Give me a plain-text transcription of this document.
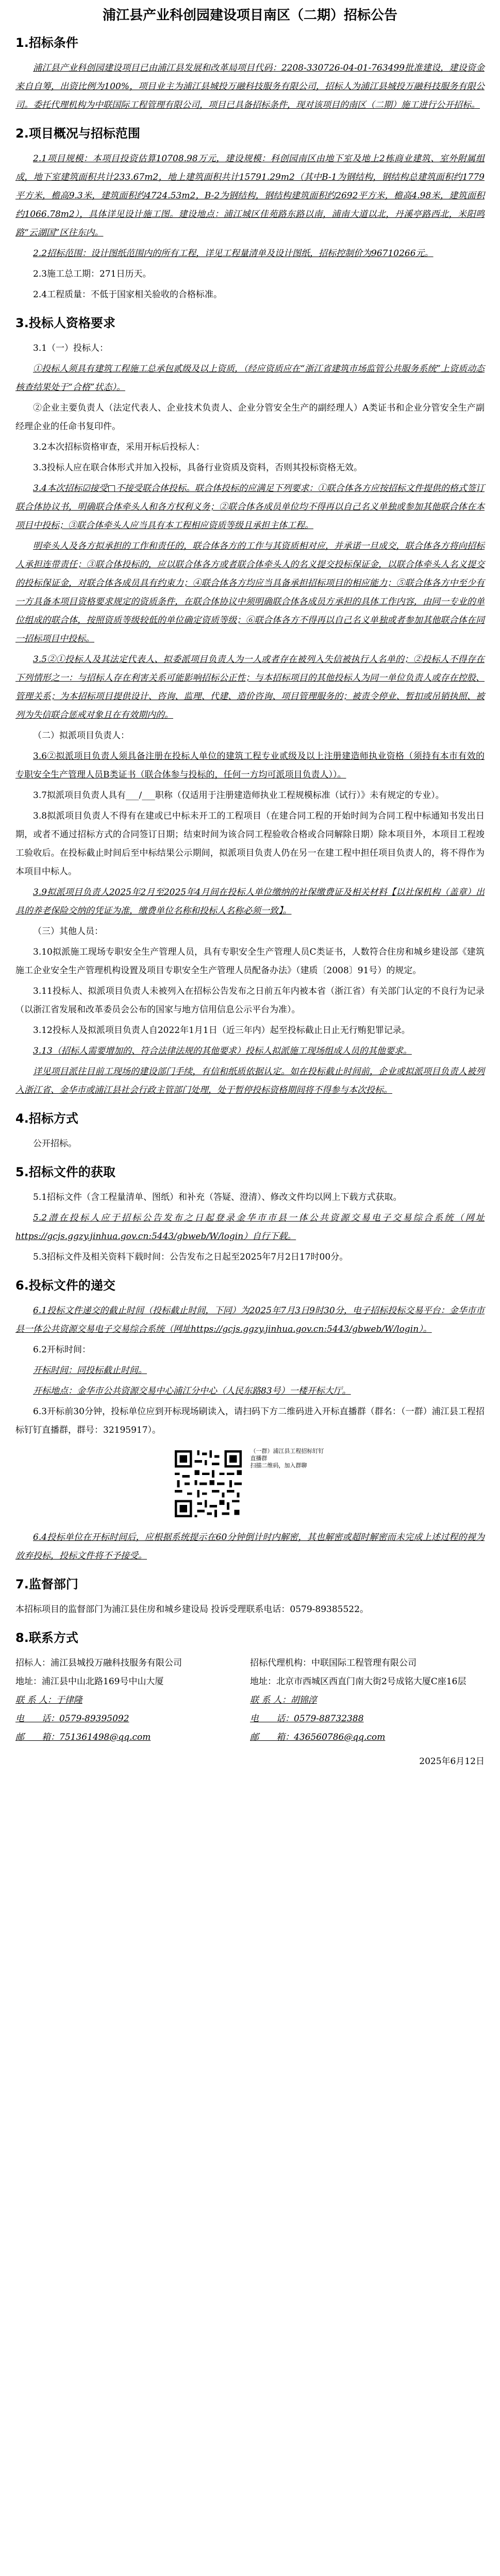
浦江县产业科创园建设项目南区（二期）招标公告
1.招标条件

浦江县产业科创园建设项目已由浦江县发展和改革局项目代码：2208-330726-04-01-763499批准建设，建设资金来自自筹，出资比例为100%，项目业主为浦江县城投万融科技服务有限公司，招标人为浦江县城投万融科技服务有限公司。委托代理机构为中联国际工程管理有限公司，项目已具备招标条件，现对该项目的南区（二期）施工进行公开招标。

2.项目概况与招标范围

2.1项目规模：本项目投资估算10708.98万元，建设规模：科创园南区由地下室及地上2栋商业建筑、室外附属组成，地下室建筑面积共计233.67m2，地上建筑面积共计15791.29m2（其中B-1为钢结构，钢结构总建筑面积约1779平方米，檐高9.3米，建筑面积约4724.53m2，B-2为钢结构，钢结构建筑面积约2692平方米，檐高4.98米，建筑面积约1066.78m2），具体详见设计施工图。建设地点：浦江城区佳苑路东路以南，浦南大道以北，丹溪亭路西北，米阳鸣路“云湖国”区往东内。

2.2招标范围：设计图纸范围内的所有工程，详见工程量清单及设计图纸，招标控制价为96710266元。

2.3施工总工期：271日历天。

2.4工程质量：不低于国家相关验收的合格标准。

3.投标人资格要求

3.1（一）投标人：

①投标人须具有建筑工程施工总承包贰级及以上资质，（经应资质应在“浙江省建筑市场监管公共服务系统”上资质动态核查结果处于“合格”状态）。

②企业主要负责人（法定代表人、企业技术负责人、企业分管安全生产的副经理人）A类证书和企业分管安全生产副经理企业的任命书复印件。

3.2本次招标资格审查，采用开标后投标人：

3.3投标人应在联合体形式并加入投标，具备行业资质及资料，否则其投标资格无效。

3.4本次招标☑接受□不接受联合体投标。联合体投标的应满足下列要求：①联合体各方应按招标文件提供的格式签订联合体协议书，明确联合体牵头人和各方权利义务；②联合体各成员单位均不得再以自己名义单独或参加其他联合体在本项目中投标；③联合体牵头人应当具有本工程相应资质等级且承担主体工程。

明牵头人及各方拟承担的工作和责任的，联合体各方的工作与其资质相对应，并承诺一旦成交，联合体各方将向招标人承担连带责任；③联合体投标的，应以联合体各方或者联合体牵头人的名义提交投标保证金，以联合体牵头人名义提交的投标保证金，对联合体各成员具有约束力；④联合体各方均应当具备承担招标项目的相应能力；⑤联合体各方中至少有一方具备本项目资格要求规定的资质条件，在联合体协议中须明确联合体各成员方承担的具体工作内容，由同一专业的单位组成的联合体，按照资质等级较低的单位确定资质等级；⑥联合体各方不得再以自己名义单独或者参加其他联合体在同一招标项目中投标。

3.5②①投标人及其法定代表人、拟委派项目负责人为一人或者存在被列入失信被执行人名单的；②投标人不得存在下列情形之一：与招标人存在利害关系可能影响招标公正性；与本招标项目的其他投标人为同一单位负责人或存在控股、管理关系；为本招标项目提供设计、咨询、监理、代建、造价咨询、项目管理服务的；被责令停业、暂扣或吊销执照、被列为失信联合惩戒对象且在有效期内的。

（二）拟派项目负责人：

3.6②拟派项目负责人须具备注册在投标人单位的建筑工程专业贰级及以上注册建造师执业资格（须持有本市有效的专职安全生产管理人员B类证书（联合体参与投标的，任何一方均可派项目负责人））。

3.7拟派项目负责人具有___/___职称（仅适用于注册建造师执业工程规模标准（试行）》未有规定的专业）。

3.8拟派项目负责人不得有在建或已中标未开工的工程项目（在建合同工程的开始时间为合同工程中标通知书发出日期，或者不通过招标方式的合同签订日期；结束时间为该合同工程验收合格或合同解除日期）除本项目外，本项目工程竣工验收后。在投标截止时间后至中标结果公示期间，拟派项目负责人仍在另一在建工程中担任项目负责人的，将不得作为本项目中标人。

3.9拟派项目负责人2025年2月至2025年4月间在投标人单位缴纳的社保缴费证及相关材料【以社保机构（盖章）出具的养老保险交纳的凭证为准，缴费单位名称和投标人名称必须一致】。

（三）其他人员：

3.10拟派施工现场专职安全生产管理人员，具有专职安全生产管理人员C类证书，人数符合住房和城乡建设部《建筑施工企业安全生产管理机构设置及项目专职安全生产管理人员配备办法》（建质〔2008〕91号）的规定。

3.11投标人、拟派项目负责人未被列入在招标公告发布之日前五年内被本省（浙江省）有关部门认定的不良行为记录（以浙江省发展和改革委员会公布的国家与地方信用信息公示平台为准）。

3.12投标人及拟派项目负责人自2022年1月1日（近三年内）起至投标截止日止无行贿犯罪记录。

3.13（招标人需要增加的、符合法律法规的其他要求）投标人拟派施工现场组成人员的其他要求。

详见项目派往目前工现场的建设部门手续，有信和纸质依据认定。如在投标截止时间前，企业或拟派项目负责人被列入浙江省、金华市或浦江县社会行政主管部门处理，处于暂停投标资格期间将不得参与本次投标。

4.招标方式

公开招标。

5.招标文件的获取

5.1招标文件（含工程量清单、图纸）和补充（答疑、澄清）、修改文件均以网上下载方式获取。

5.2潜在投标人应于招标公告发布之日起登录金华市市县一体公共资源交易电子交易综合系统（网址https://gcjs.ggzy.jinhua.gov.cn:5443/gbweb/W/login）自行下载。

5.3招标文件及相关资料下载时间：公告发布之日起至2025年7月2日17时00分。

6.投标文件的递交

6.1投标文件递交的截止时间（投标截止时间，下同）为2025年7月3日9时30分，电子招标投标交易平台：金华市市县一体公共资源交易电子交易综合系统（网址https://gcjs.ggzy.jinhua.gov.cn:5443/gbweb/W/login）。

6.2开标时间：

开标时间：同投标截止时间。

开标地点：金华市公共资源交易中心浦江分中心（人民东路83号）一楼开标大厅。

6.3开标前30分钟，投标单位应到开标现场刷读入，请扫码下方二维码进入开标直播群（群名：（一群）浦江县工程招标钉钉直播群，群号：32195917）。

（一群）浦江县工程招标钉钉直播群
扫描二维码，加入群聊

6.4投标单位在开标时间后，应根据系统提示在60分钟倒计时内解密，其也解密或超时解密而未完成上述过程的视为放弃投标，投标文件将不予接受。

7.监督部门

本招标项目的监督部门为浦江县住房和城乡建设局 投诉受理联系电话：0579-89385522。

8.联系方式
招标人：浦江县城投万融科技服务有限公司	招标代理机构：中联国际工程管理有限公司
地址：浦江县中山北路169号中山大厦	地址：北京市西城区西直门南大街2号成铭大厦C座16层
联 系 人：于律隆	联 系 人：胡锦淳
电　　话：0579-89395092	电　　话：0579-88732388
邮　　箱：751361498@qq.com	邮　　箱：436560786@qq.com
2025年6月12日
